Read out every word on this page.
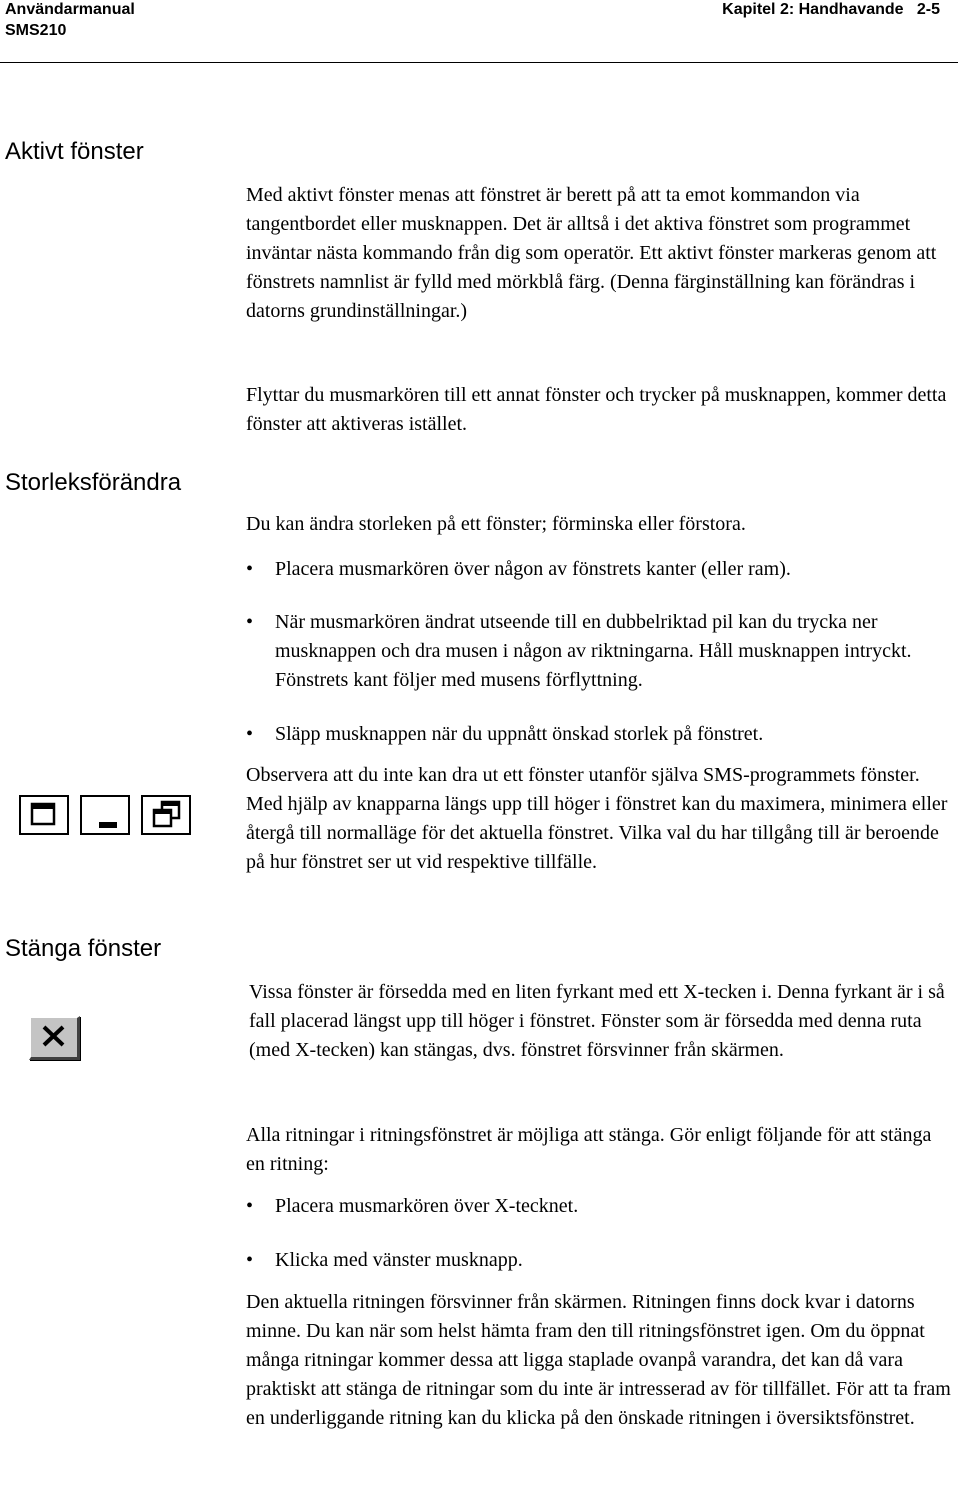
Användarmanual
SMS210
Kapitel 2: Handhavande   2-5
Aktivt fönster

Med aktivt fönster menas att fönstret är berett på att ta emot kommandon via tangentbordet eller musknappen. Det är alltså i det aktiva fönstret som programmet inväntar nästa kommando från dig som operatör. Ett aktivt fönster markeras genom att fönstrets namnlist är fylld med mörkblå färg. (Denna färginställning kan förändras i datorns grundinställningar.)

Flyttar du musmarkören till ett annat fönster och trycker på musknappen, kommer detta fönster att aktiveras istället.

Storleksförändra

Du kan ändra storleken på ett fönster; förminska eller förstora.

•	Placera musmarkören över någon av fönstrets kanter (eller ram).
•	När musmarkören ändrat utseende till en dubbelriktad pil kan du trycka ner musknappen och dra musen i någon av riktningarna. Håll musknappen intryckt. Fönstrets kant följer med musens förflyttning.
•	Släpp musknappen när du uppnått önskad storlek på fönstret.

Observera att du inte kan dra ut ett fönster utanför själva SMS-programmets fönster. Med hjälp av knapparna längs upp till höger i fönstret kan du maximera, minimera eller återgå till normalläge för det aktuella fönstret. Vilka val du har tillgång till är beroende på hur fönstret ser ut vid respektive tillfälle.

Stänga fönster

Vissa fönster är försedda med en liten fyrkant med ett X-tecken i. Denna fyrkant är i så fall placerad längst upp till höger i fönstret. Fönster som är försedda med denna ruta (med X-tecken) kan stängas, dvs. fönstret försvinner från skärmen.

Alla ritningar i ritningsfönstret är möjliga att stänga. Gör enligt följande för att stänga en ritning:

•	Placera musmarkören över X-tecknet.
•	Klicka med vänster musknapp.

Den aktuella ritningen försvinner från skärmen. Ritningen finns dock kvar i datorns minne. Du kan när som helst hämta fram den till ritningsfönstret igen. Om du öppnat många ritningar kommer dessa att ligga staplade ovanpå varandra, det kan då vara praktiskt att stänga de ritningar som du inte är intresserad av för tillfället. För att ta fram en underliggande ritning kan du klicka på den önskade ritningen i översiktsfönstret.
